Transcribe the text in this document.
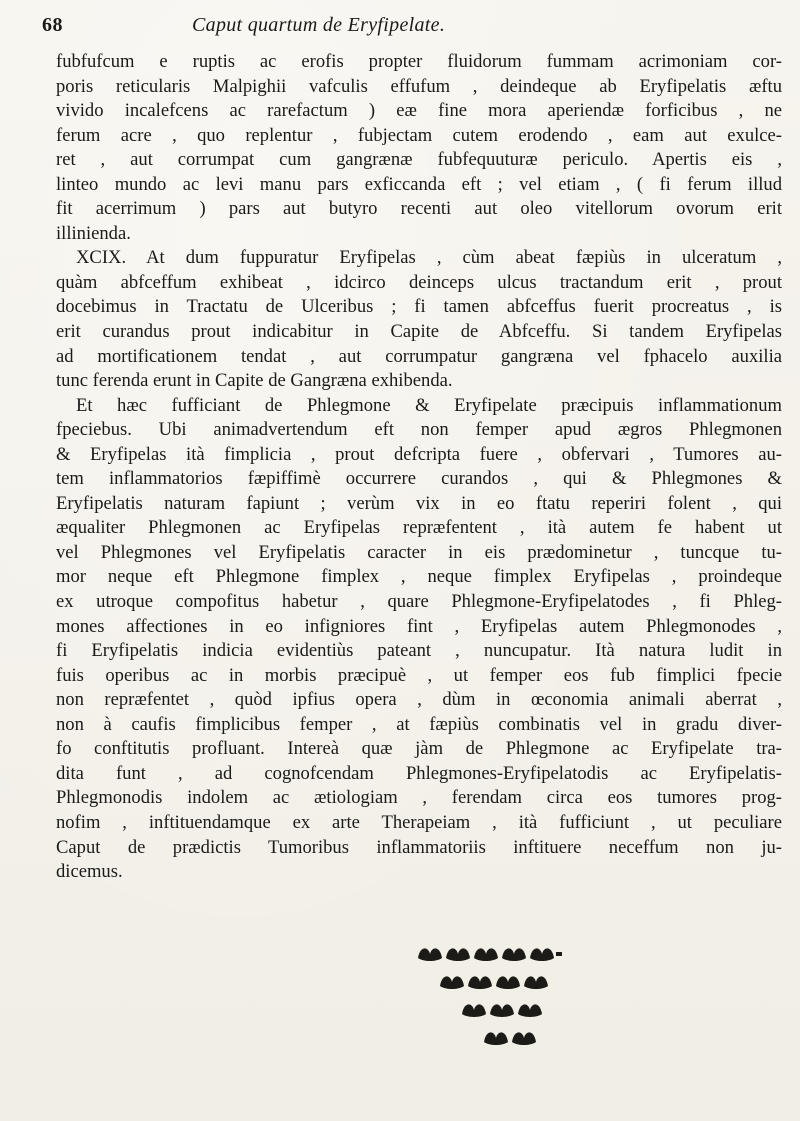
68	Caput quartum de Eryfipelate.
fubfufcum e ruptis ac erofis propter fluidorum fummam acrimoniam cor-
poris reticularis Malpighii vafculis effufum , deindeque ab Eryfipelatis æftu
vivido incalefcens ac rarefactum ) eæ fine mora aperiendæ forficibus , ne
ferum acre , quo replentur , fubjectam cutem erodendo , eam aut exulce-
ret , aut corrumpat cum gangrænæ fubfequuturæ periculo. Apertis eis ,
linteo mundo ac levi manu pars exficcanda eft ; vel etiam , ( fi ferum illud
fit acerrimum ) pars aut butyro recenti aut oleo vitellorum ovorum erit
illinienda.
XCIX. At dum fuppuratur Eryfipelas , cùm abeat fæpiùs in ulceratum ,
quàm abfceffum exhibeat , idcirco deinceps ulcus tractandum erit , prout
docebimus in Tractatu de Ulceribus ; fi tamen abfceffus fuerit procreatus , is
erit curandus prout indicabitur in Capite de Abfceffu. Si tandem Eryfipelas
ad mortificationem tendat , aut corrumpatur gangræna vel fphacelo auxilia
tunc ferenda erunt in Capite de Gangræna exhibenda.
Et hæc fufficiant de Phlegmone & Eryfipelate præcipuis inflammationum
fpeciebus. Ubi animadvertendum eft non femper apud ægros Phlegmonen
& Eryfipelas ità fimplicia , prout defcripta fuere , obfervari , Tumores au-
tem inflammatorios fæpiffimè occurrere curandos , qui & Phlegmones &
Eryfipelatis naturam fapiunt ; verùm vix in eo ftatu reperiri folent , qui
æqualiter Phlegmonen ac Eryfipelas repræfentent , ità autem fe habent ut
vel Phlegmones vel Eryfipelatis caracter in eis prædominetur , tuncque tu-
mor neque eft Phlegmone fimplex , neque fimplex Eryfipelas , proindeque
ex utroque compofitus habetur , quare Phlegmone-Eryfipelatodes , fi Phleg-
mones affectiones in eo infigniores fint , Eryfipelas autem Phlegmonodes ,
fi Eryfipelatis indicia evidentiùs pateant , nuncupatur. Ità natura ludit in
fuis operibus ac in morbis præcipuè , ut femper eos fub fimplici fpecie
non repræfentet , quòd ipfius opera , dùm in œconomia animali aberrat ,
non à caufis fimplicibus femper , at fæpiùs combinatis vel in gradu diver-
fo conftitutis profluant. Intereà quæ jàm de Phlegmone ac Eryfipelate tra-
dita funt , ad cognofcendam Phlegmones-Eryfipelatodis ac Eryfipelatis-
Phlegmonodis indolem ac ætiologiam , ferendam circa eos tumores prog-
nofim , inftituendamque ex arte Therapeiam , ità fufficiunt , ut peculiare
Caput de prædictis Tumoribus inflammatoriis inftituere neceffum non ju-
dicemus.
